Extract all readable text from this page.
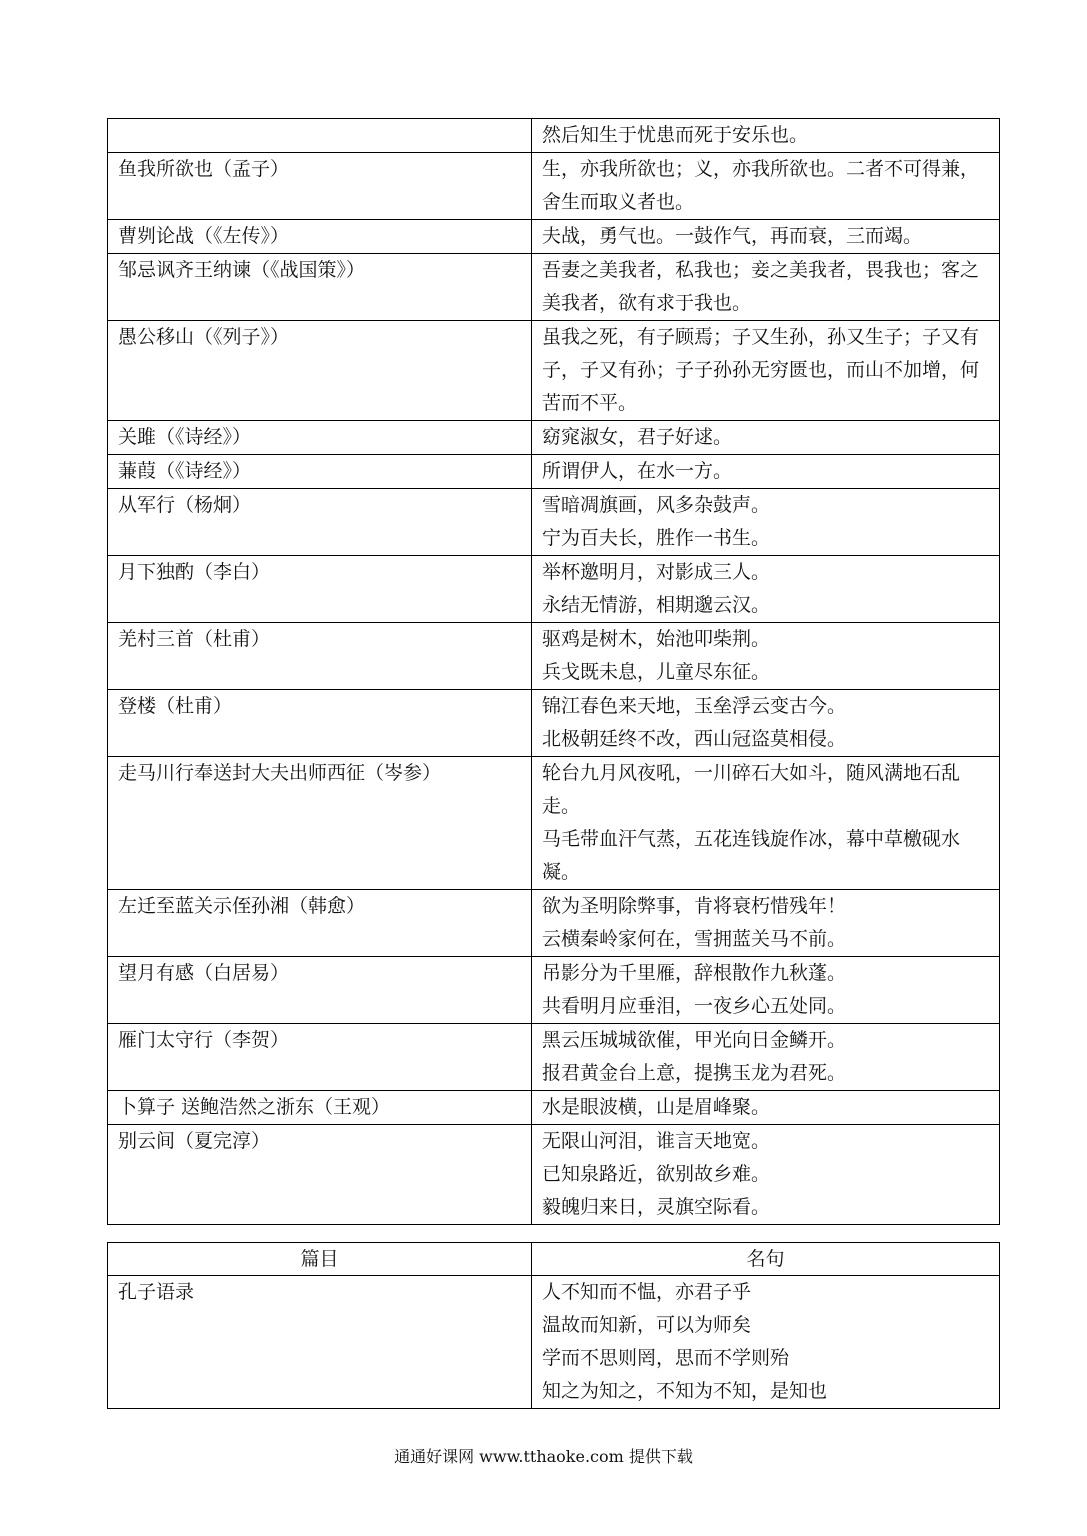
	然后知生于忧患而死于安乐也。

鱼我所欲也（孟子）	生，亦我所欲也；义，亦我所欲也。二者不可得兼，舍生而取义者也。

曹刿论战（《左传》）	夫战，勇气也。一鼓作气，再而衰，三而竭。

邹忌讽齐王纳谏（《战国策》）	吾妻之美我者，私我也；妾之美我者，畏我也；客之美我者，欲有求于我也。

愚公移山（《列子》）	虽我之死，有子顾焉；子又生孙，孙又生子；子又有子，子又有孙；子子孙孙无穷匮也，而山不加增，何苦而不平。

关雎（《诗经》）	窈窕淑女，君子好逑。

蒹葭（《诗经》）	所谓伊人，在水一方。

从军行（杨炯）	雪暗凋旗画，风多杂鼓声。
宁为百夫长，胜作一书生。

月下独酌（李白）	举杯邀明月，对影成三人。
永结无情游，相期邈云汉。

羌村三首（杜甫）	驱鸡是树木，始池叩柴荆。
兵戈既未息，儿童尽东征。

登楼（杜甫）	锦江春色来天地，玉垒浮云变古今。
北极朝廷终不改，西山冠盗莫相侵。

走马川行奉送封大夫出师西征（岑参）	轮台九月风夜吼，一川碎石大如斗，随风满地石乱走。
马毛带血汗气蒸，五花连钱旋作冰，幕中草檄砚水凝。

左迁至蓝关示侄孙湘（韩愈）	欲为圣明除弊事，肯将衰朽惜残年！
云横秦岭家何在，雪拥蓝关马不前。

望月有感（白居易）	吊影分为千里雁，辞根散作九秋蓬。
共看明月应垂泪，一夜乡心五处同。

雁门太守行（李贺）	黑云压城城欲催，甲光向日金鳞开。
报君黄金台上意，提携玉龙为君死。

卜算子 送鲍浩然之浙东（王观）	水是眼波横，山是眉峰聚。

别云间（夏完淳）	无限山河泪，谁言天地宽。
已知泉路近，欲别故乡难。
毅魄归来日，灵旗空际看。
篇目	名句
孔子语录	人不知而不愠，亦君子乎
温故而知新，可以为师矣
学而不思则罔，思而不学则殆
知之为知之，不知为不知，是知也
通通好课网 www.tthaoke.com 提供下载
